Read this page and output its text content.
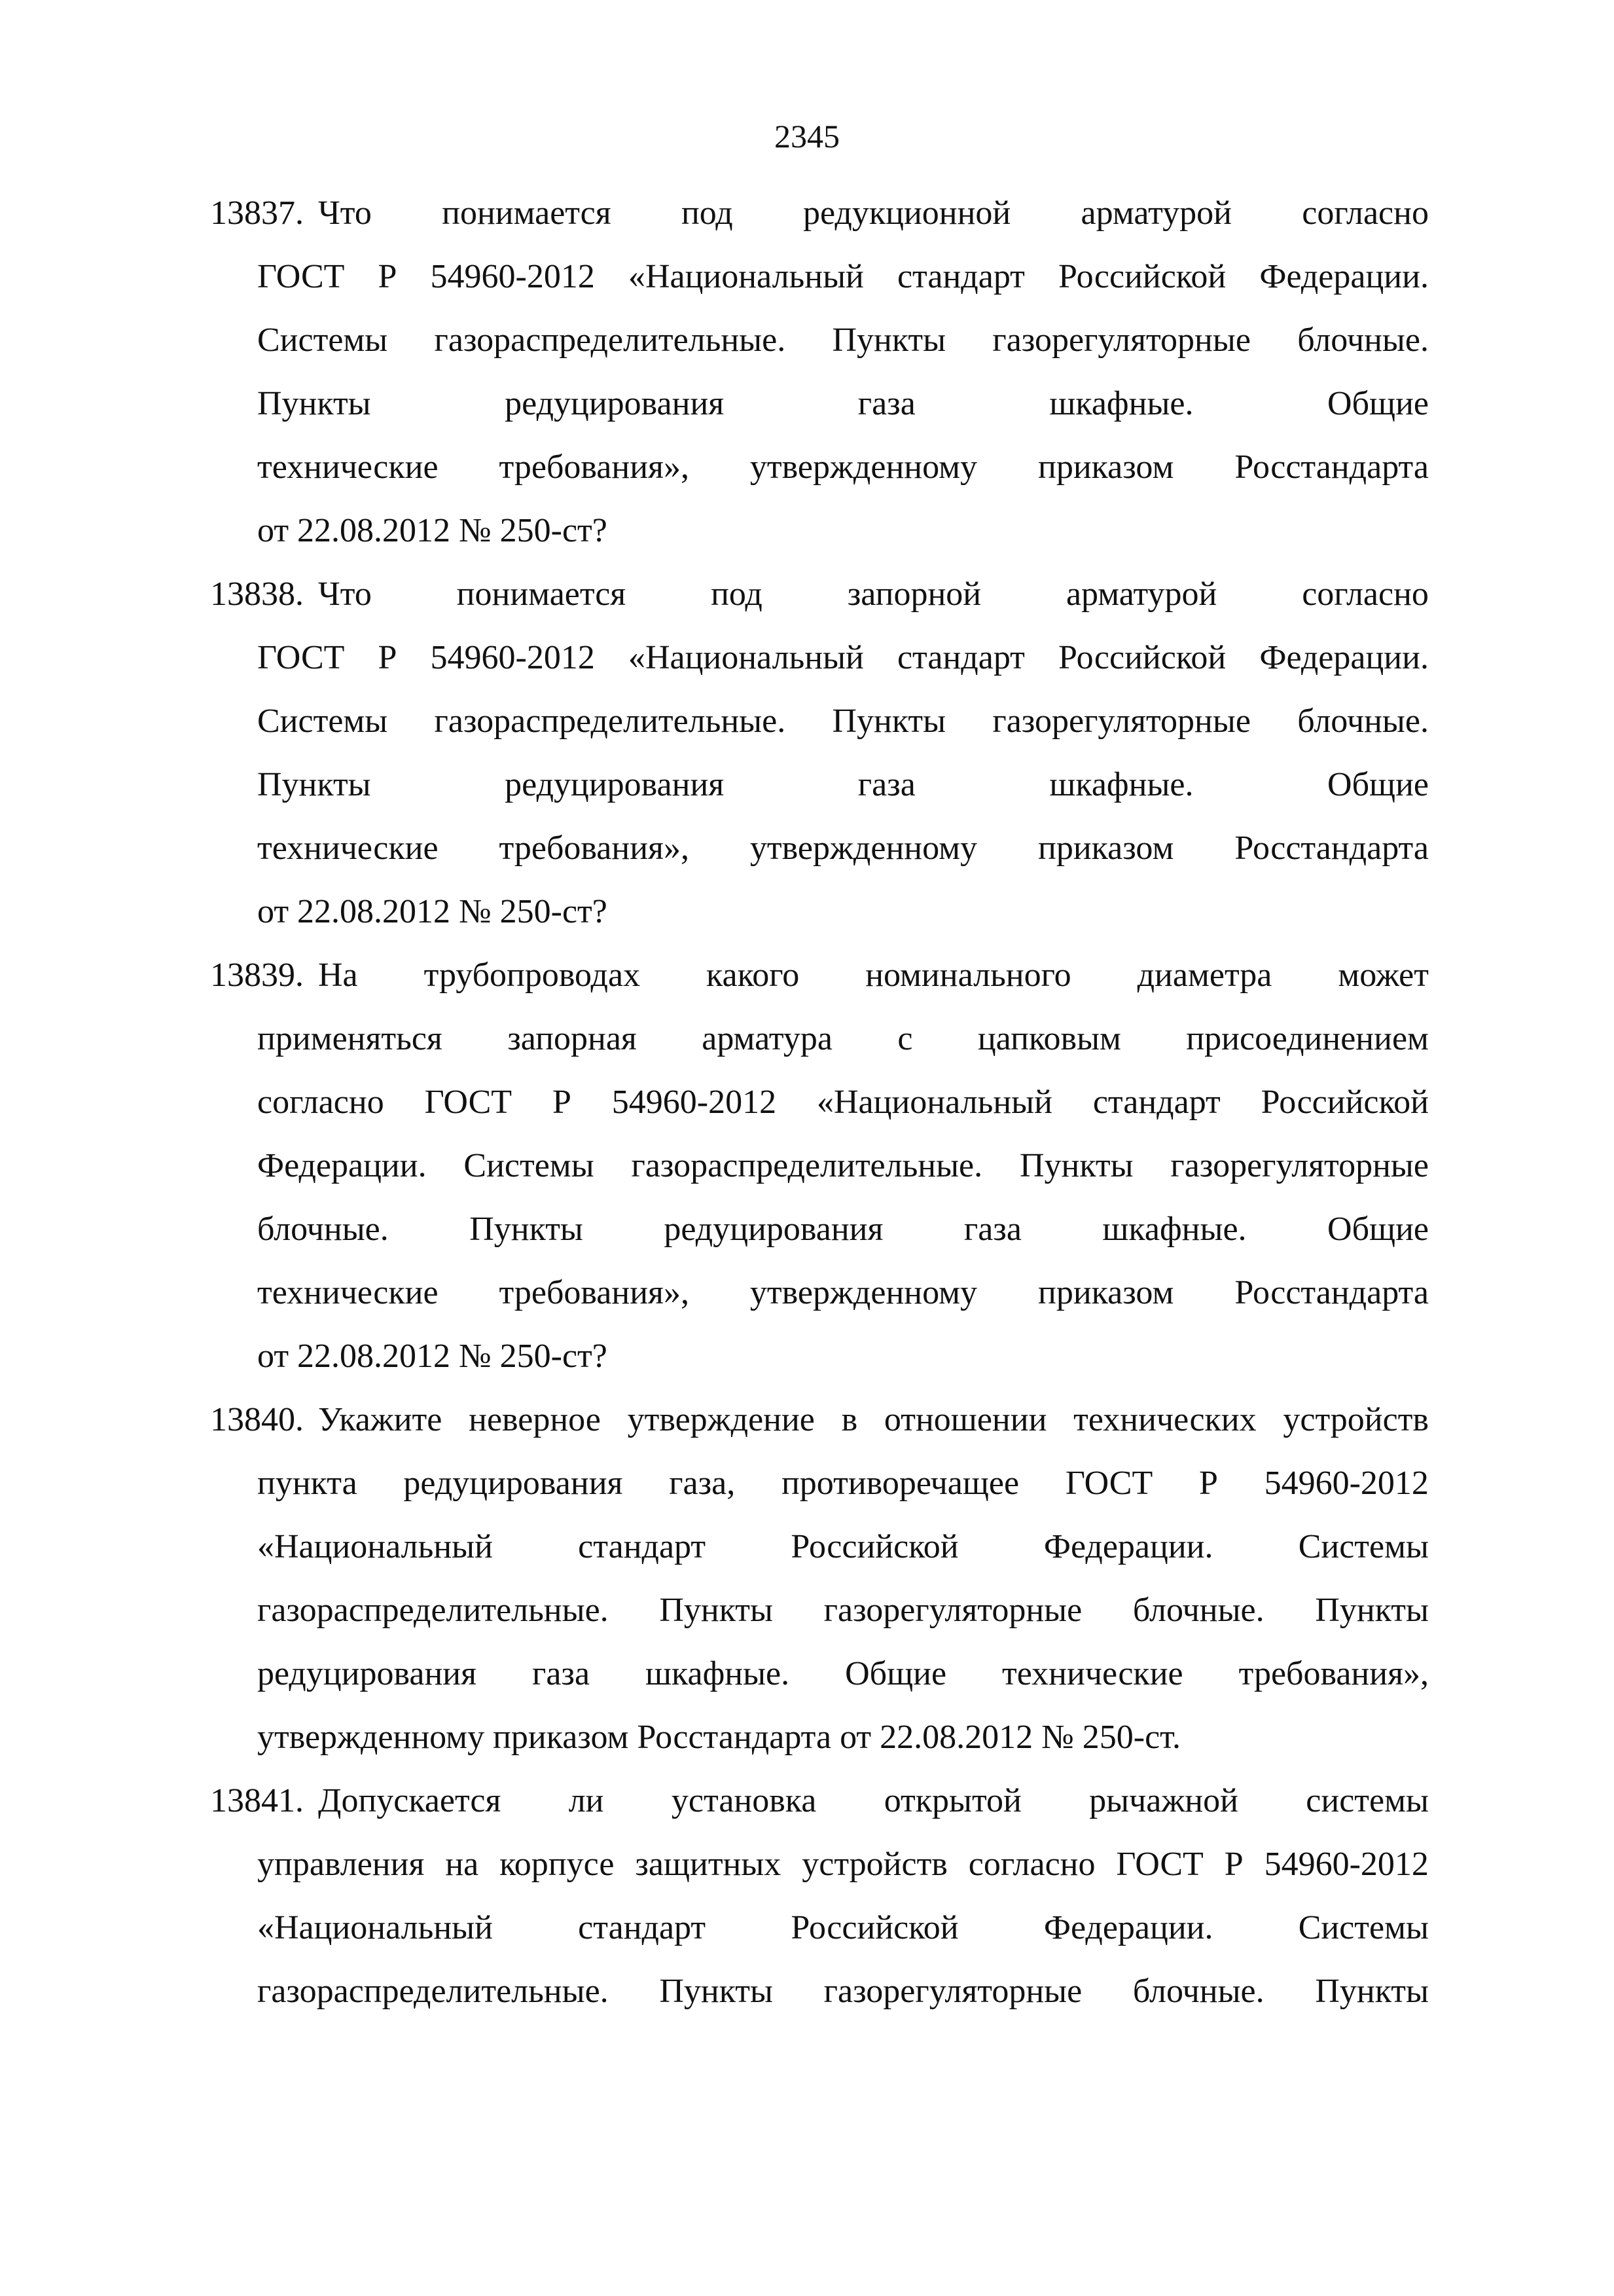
2345
13837. Что понимается под редукционной арматурой согласно
ГОСТ Р 54960-2012 «Национальный стандарт Российской Федерации.
Системы газораспределительные. Пункты газорегуляторные блочные.
Пункты	редуцирования	газа	шкафные.	Общие
технические требования», утвержденному приказом Росстандарта
от 22.08.2012 № 250-ст?
13838. Что понимается под запорной арматурой согласно
ГОСТ Р 54960-2012 «Национальный стандарт Российской Федерации.
Системы газораспределительные. Пункты газорегуляторные блочные.
Пункты	редуцирования	газа	шкафные.	Общие
технические требования», утвержденному приказом Росстандарта
от 22.08.2012 № 250-ст?
13839. На трубопроводах какого номинального диаметра может
применяться запорная арматура с цапковым присоединением
согласно ГОСТ Р 54960-2012 «Национальный стандарт Российской
Федерации. Системы газораспределительные. Пункты газорегуляторные
блочные. Пункты редуцирования газа шкафные. Общие
технические требования», утвержденному приказом Росстандарта
от 22.08.2012 № 250-ст?
13840. Укажите неверное утверждение в отношении технических устройств
пункта редуцирования газа, противоречащее ГОСТ Р 54960-2012
«Национальный	стандарт	Российской	Федерации.	Системы
газораспределительные. Пункты газорегуляторные блочные. Пункты
редуцирования газа шкафные. Общие технические требования»,
утвержденному приказом Росстандарта от 22.08.2012 № 250-ст.
13841. Допускается ли установка открытой рычажной системы
управления на корпусе защитных устройств согласно ГОСТ Р 54960-2012
«Национальный	стандарт	Российской	Федерации.	Системы
газораспределительные. Пункты газорегуляторные блочные. Пункты
